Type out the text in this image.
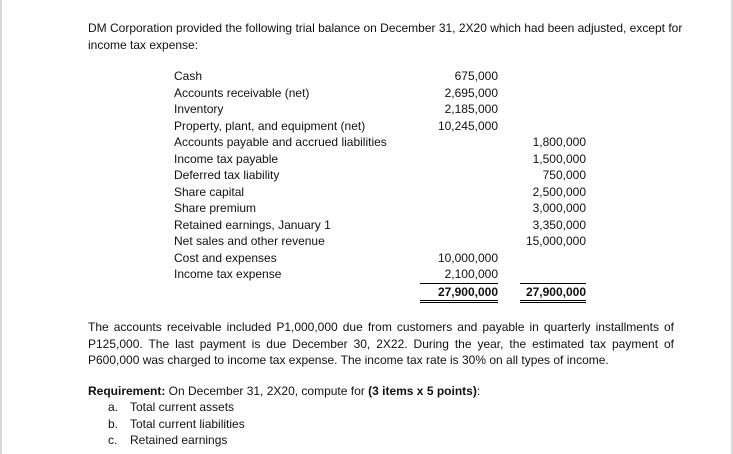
DM Corporation provided the following trial balance on December 31, 2X20 which had been adjusted, except for income tax expense:

Cash	675,000		
Accounts receivable (net)	2,695,000		
Inventory	2,185,000		
Property, plant, and equipment (net)	10,245,000		
Accounts payable and accrued liabilities			1,800,000
Income tax payable			1,500,000
Deferred tax liability			750,000
Share capital			2,500,000
Share premium			3,000,000
Retained earnings, January 1			3,350,000
Net sales and other revenue			15,000,000
Cost and expenses	10,000,000		
Income tax expense	2,100,000		
	27,900,000		27,900,000

The accounts receivable included P1,000,000 due from customers and payable in quarterly installments of P125,000. The last payment is due December 30, 2X22. During the year, the estimated tax payment of P600,000 was charged to income tax expense. The income tax rate is 30% on all types of income.

Requirement: On December 31, 2X20, compute for (3 items x 5 points):

a. Total current assets
b. Total current liabilities
c. Retained earnings
